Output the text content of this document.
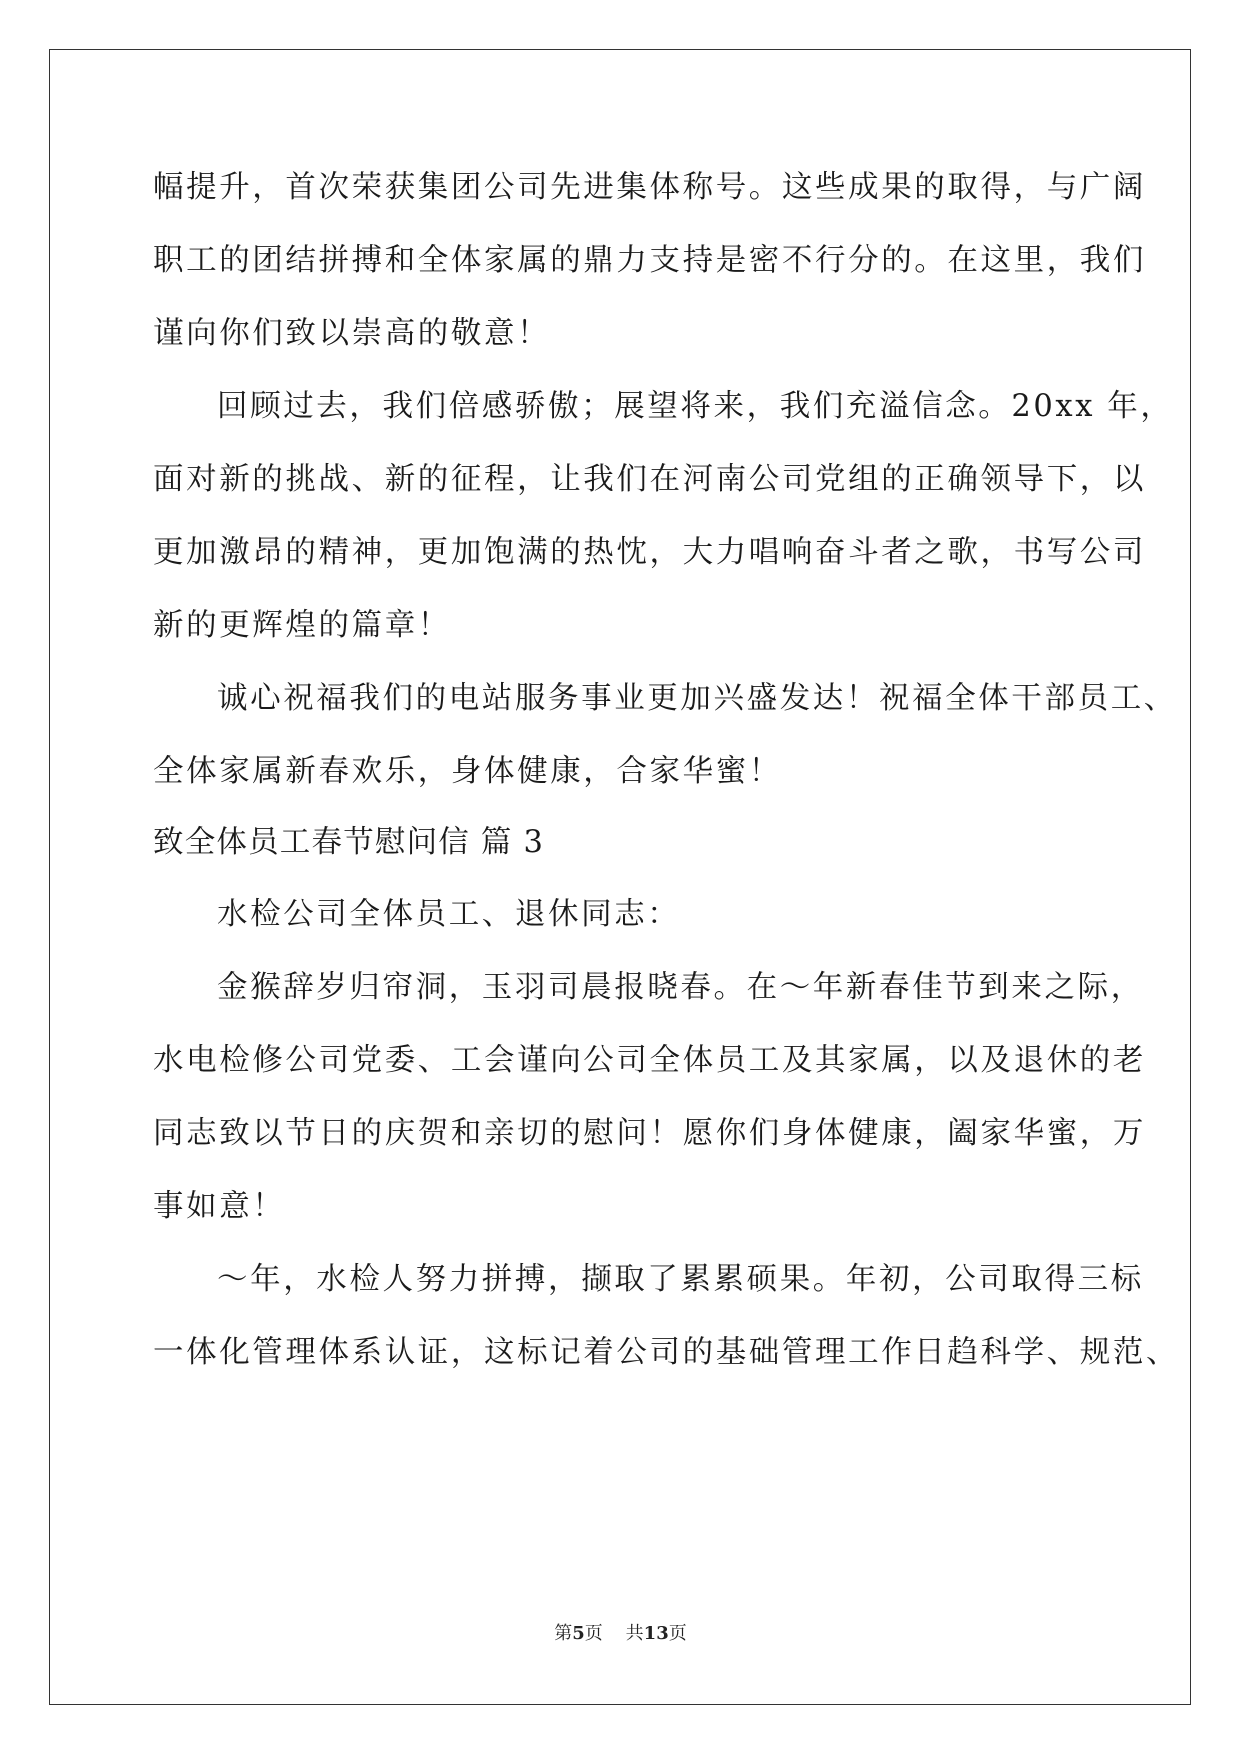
幅提升，首次荣获集团公司先进集体称号。这些成果的取得，与广阔
职工的团结拼搏和全体家属的鼎力支持是密不行分的。在这里，我们
谨向你们致以崇高的敬意！
回顾过去，我们倍感骄傲；展望将来，我们充溢信念。20xx 年，
面对新的挑战、新的征程，让我们在河南公司党组的正确领导下，以
更加激昂的精神，更加饱满的热忱，大力唱响奋斗者之歌，书写公司
新的更辉煌的篇章！
诚心祝福我们的电站服务事业更加兴盛发达！祝福全体干部员工、
全体家属新春欢乐，身体健康，合家华蜜！
致全体员工春节慰问信 篇 3
水检公司全体员工、退休同志：
金猴辞岁归帘洞，玉羽司晨报晓春。在～年新春佳节到来之际，
水电检修公司党委、工会谨向公司全体员工及其家属，以及退休的老
同志致以节日的庆贺和亲切的慰问！愿你们身体健康，阖家华蜜，万
事如意！
～年，水检人努力拼搏，撷取了累累硕果。年初，公司取得三标
一体化管理体系认证，这标记着公司的基础管理工作日趋科学、规范、
第5页 共13页
